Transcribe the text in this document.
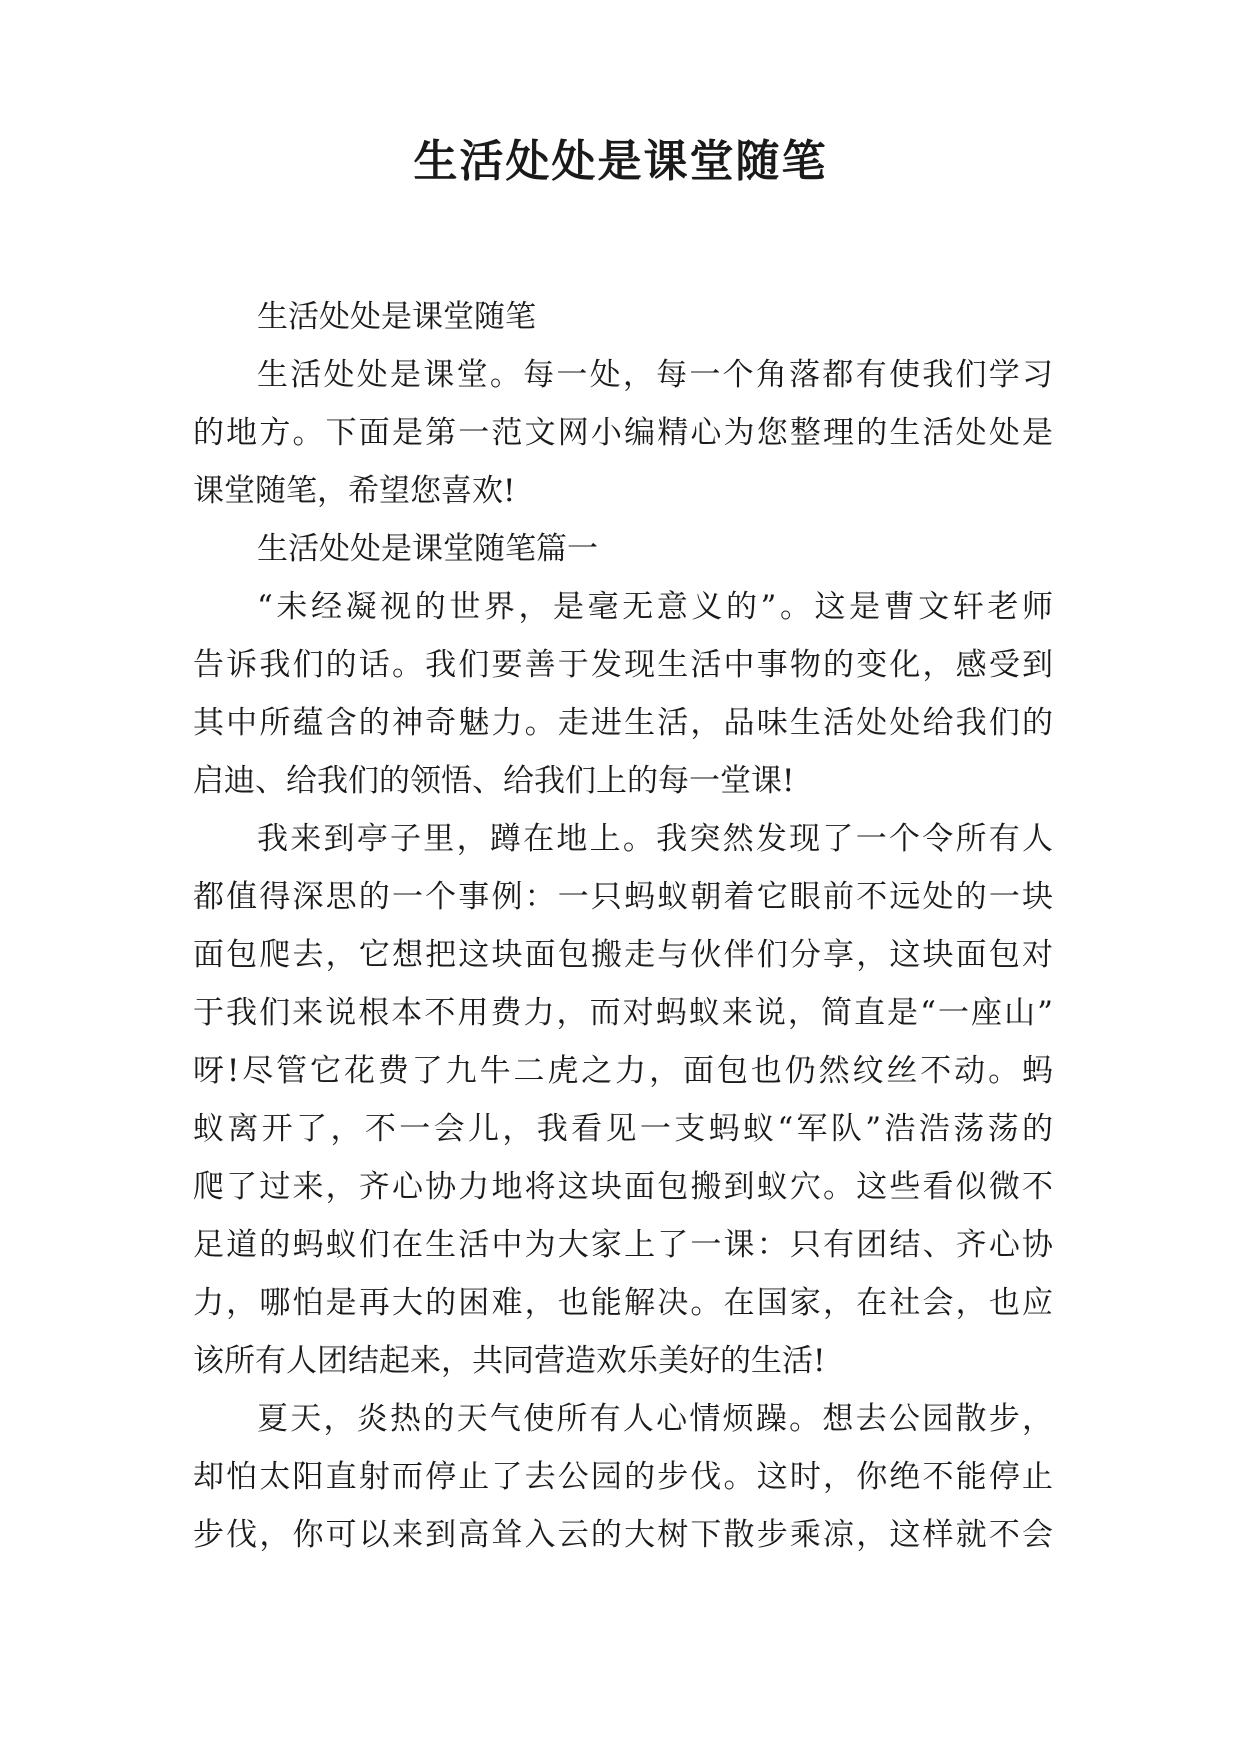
生活处处是课堂随笔
生活处处是课堂随笔
生活处处是课堂。每一处，每一个角落都有使我们学习
的地方。下面是第一范文网小编精心为您整理的生活处处是
课堂随笔，希望您喜欢!
生活处处是课堂随笔篇一
“未经凝视的世界，是毫无意义的”。这是曹文轩老师
告诉我们的话。我们要善于发现生活中事物的变化，感受到
其中所蕴含的神奇魅力。走进生活，品味生活处处给我们的
启迪、给我们的领悟、给我们上的每一堂课!
我来到亭子里，蹲在地上。我突然发现了一个令所有人
都值得深思的一个事例：一只蚂蚁朝着它眼前不远处的一块
面包爬去，它想把这块面包搬走与伙伴们分享，这块面包对
于我们来说根本不用费力，而对蚂蚁来说，简直是“一座山”
呀!尽管它花费了九牛二虎之力，面包也仍然纹丝不动。蚂
蚁离开了，不一会儿，我看见一支蚂蚁“军队”浩浩荡荡的
爬了过来，齐心协力地将这块面包搬到蚁穴。这些看似微不
足道的蚂蚁们在生活中为大家上了一课：只有团结、齐心协
力，哪怕是再大的困难，也能解决。在国家，在社会，也应
该所有人团结起来，共同营造欢乐美好的生活!
夏天，炎热的天气使所有人心情烦躁。想去公园散步，
却怕太阳直射而停止了去公园的步伐。这时，你绝不能停止
步伐，你可以来到高耸入云的大树下散步乘凉，这样就不会
